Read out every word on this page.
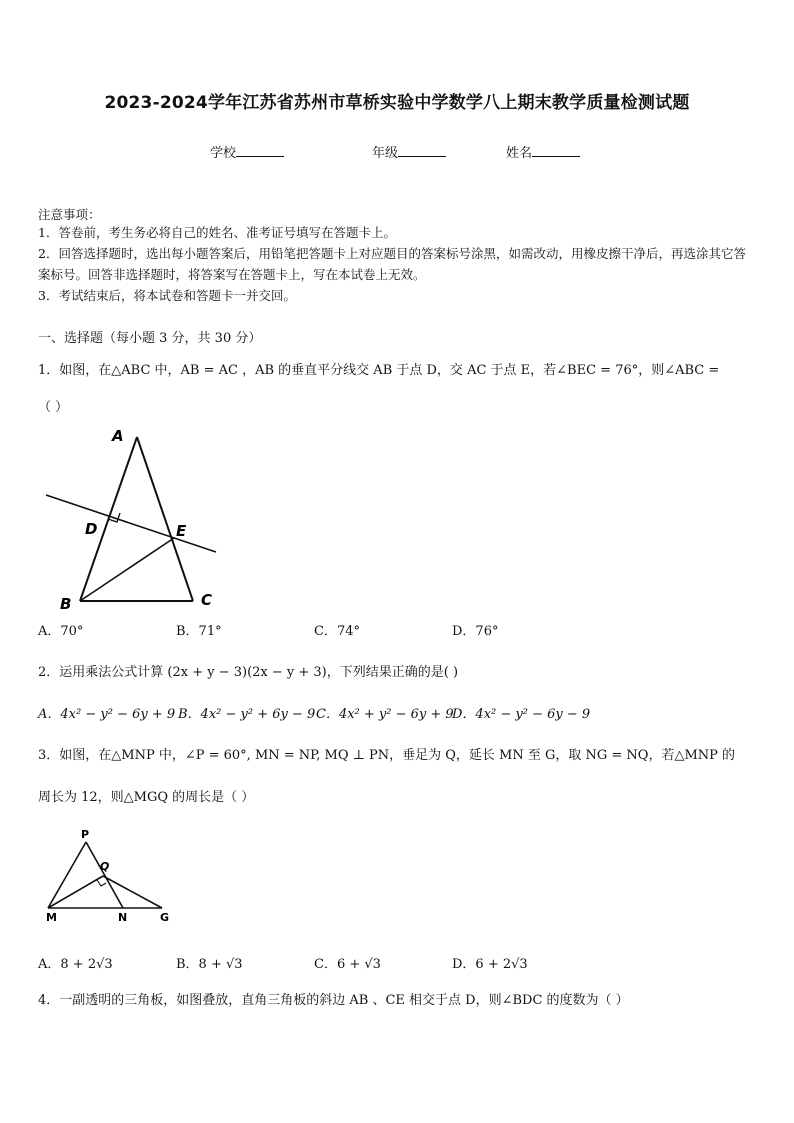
2023-2024学年江苏省苏州市草桥实验中学数学八上期末教学质量检测试题
学校	年级	姓名
注意事项：
1．答卷前，考生务必将自己的姓名、准考证号填写在答题卡上。
2．回答选择题时，选出每小题答案后，用铅笔把答题卡上对应题目的答案标号涂黑，如需改动，用橡皮擦干净后，再选涂其它答案标号。回答非选择题时，将答案写在答题卡上，写在本试卷上无效。
3．考试结束后，将本试卷和答题卡一并交回。
一、选择题（每小题 3 分，共 30 分）
1．如图，在△ABC 中，AB = AC ，AB 的垂直平分线交 AB 于点 D，交 AC 于点 E，若∠BEC = 76°，则∠ABC =
（ ）
A
D	E
B	C
A．70°	B．71°	C．74°	D．76°
2．运用乘法公式计算 (2x + y − 3)(2x − y + 3)，下列结果正确的是( )
A．4x² − y² − 6y + 9 B．4x² − y² + 6y − 9 C．4x² + y² − 6y + 9
D．4x² − y² − 6y − 9
3．如图，在△MNP 中，∠P = 60°, MN = NP, MQ ⊥ PN，垂足为 Q，延长 MN 至 G，取 NG = NQ，若△MNP 的
周长为 12，则△MGQ 的周长是（ ）
P
Q
M	N	G
A．8 + 2√3	B．8 + √3	C．6 + √3	D．6 + 2√3
4．一副透明的三角板，如图叠放，直角三角板的斜边 AB 、CE 相交于点 D，则∠BDC 的度数为（ ）
